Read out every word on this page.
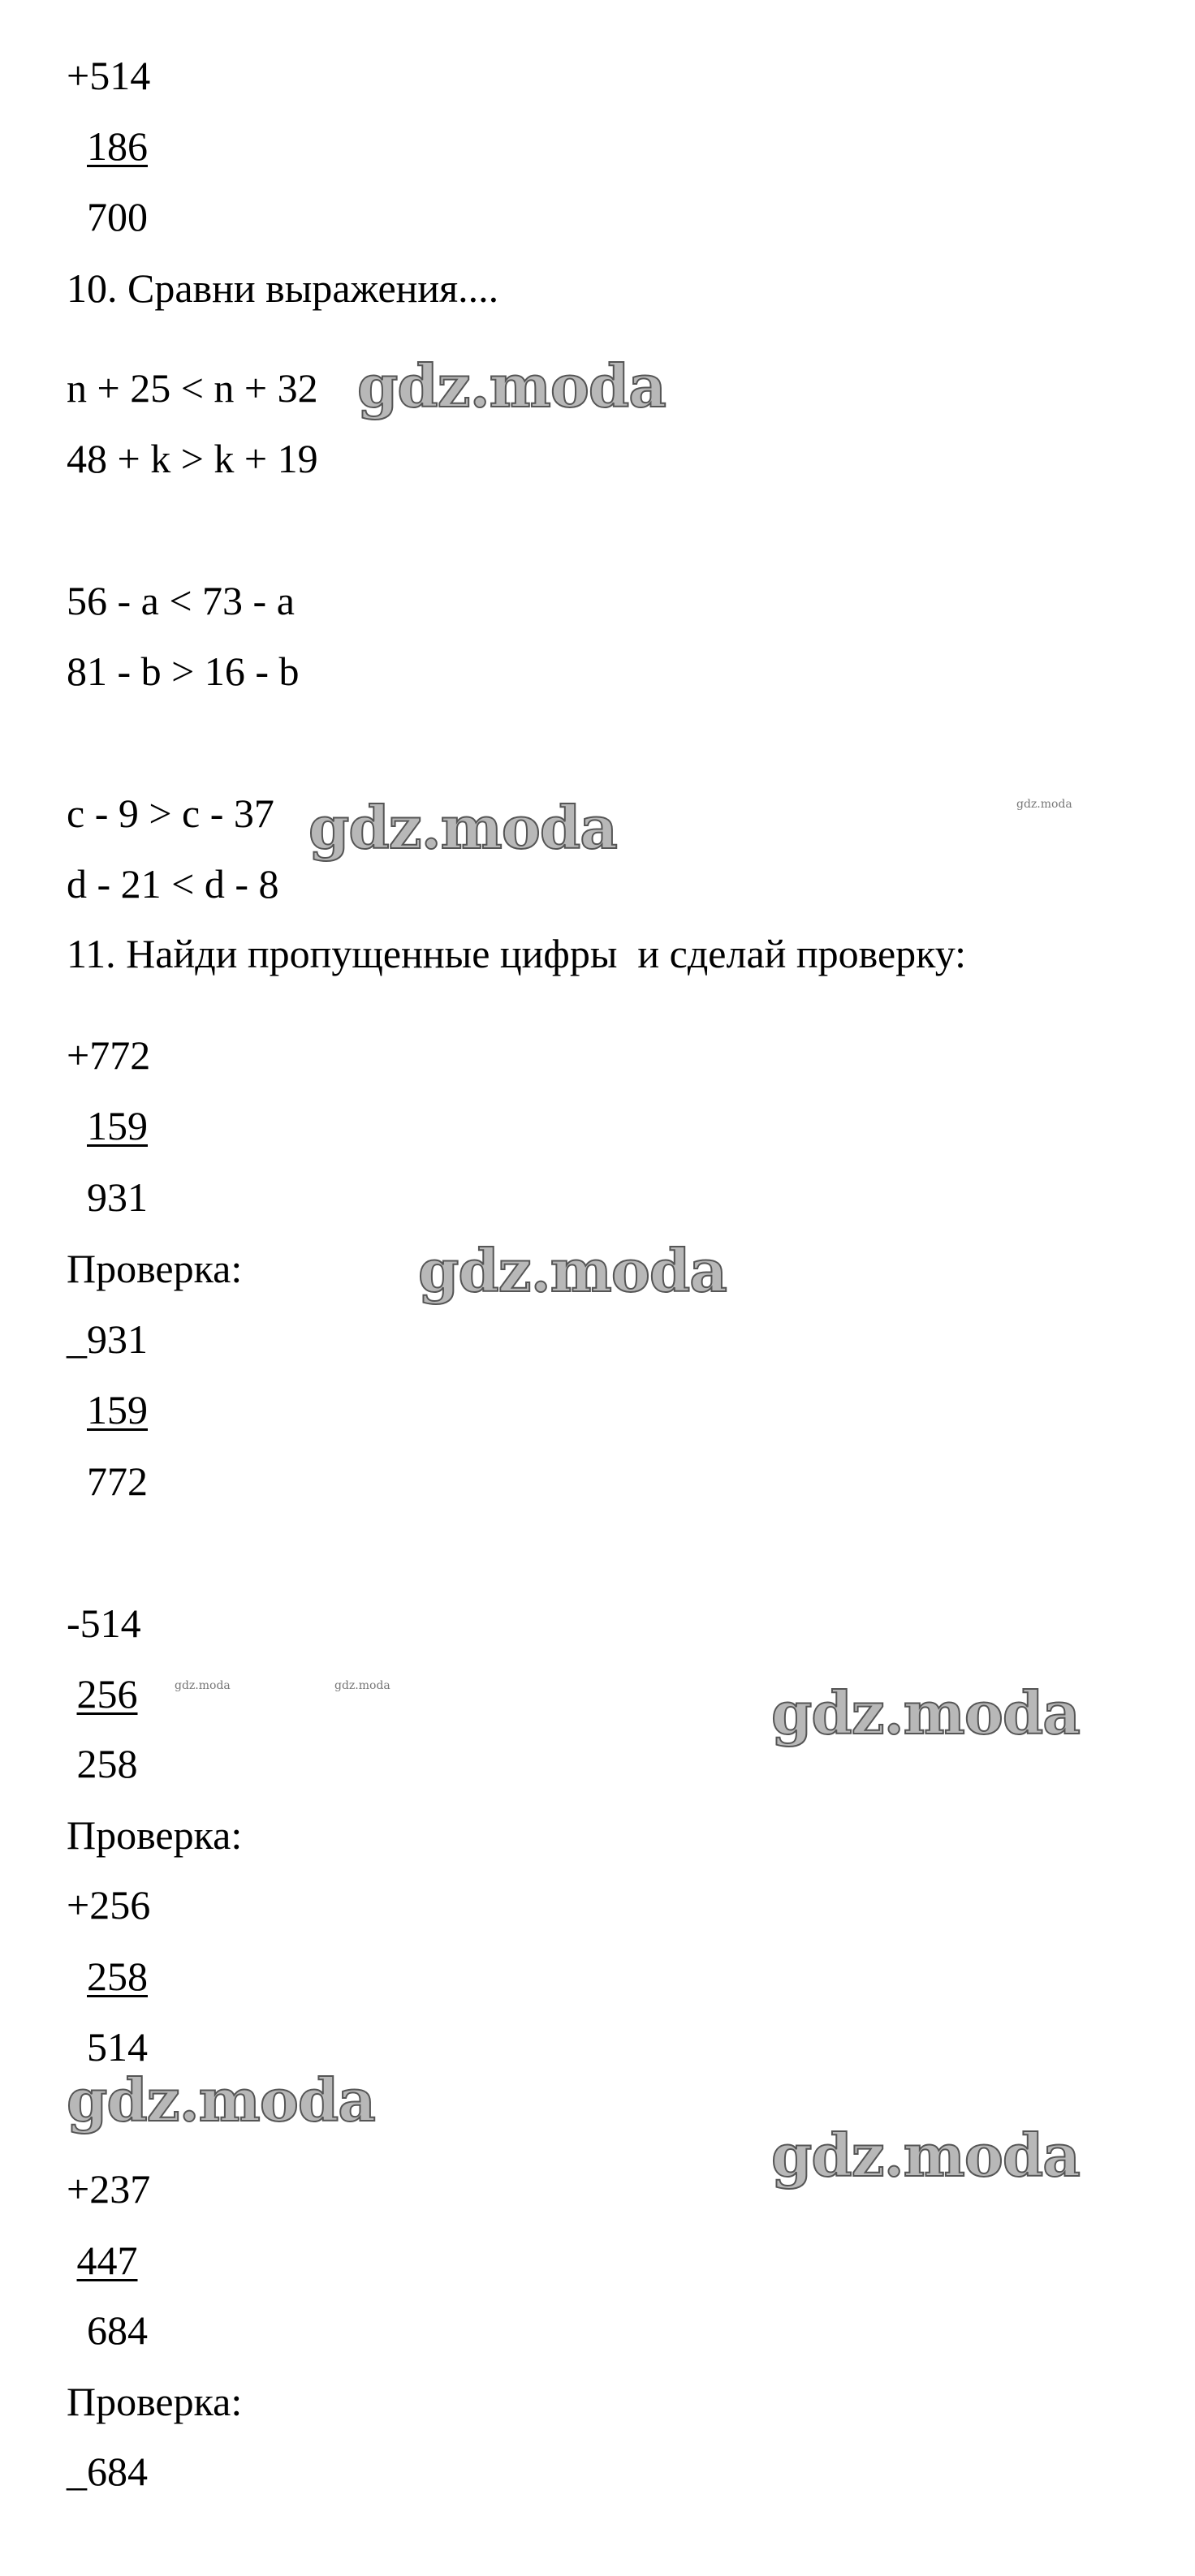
+514
186
700
10. Сравни выражения....
n + 25 < n + 32
48 + k > k + 19
56 - a < 73 - a
81 - b > 16 - b
c - 9 > c - 37
d - 21 < d - 8
11. Найди пропущенные цифры  и сделай проверку:
+772
159
931
Проверка:
_931
159
772
-514
256
258
Проверка:
+256
258
514
+237
447
684
Проверка:
_684
gdz.moda
gdz.moda	gdz.moda
gdz.moda
gdz.moda	gdz.moda	gdz.moda
gdz.moda
gdz.moda
